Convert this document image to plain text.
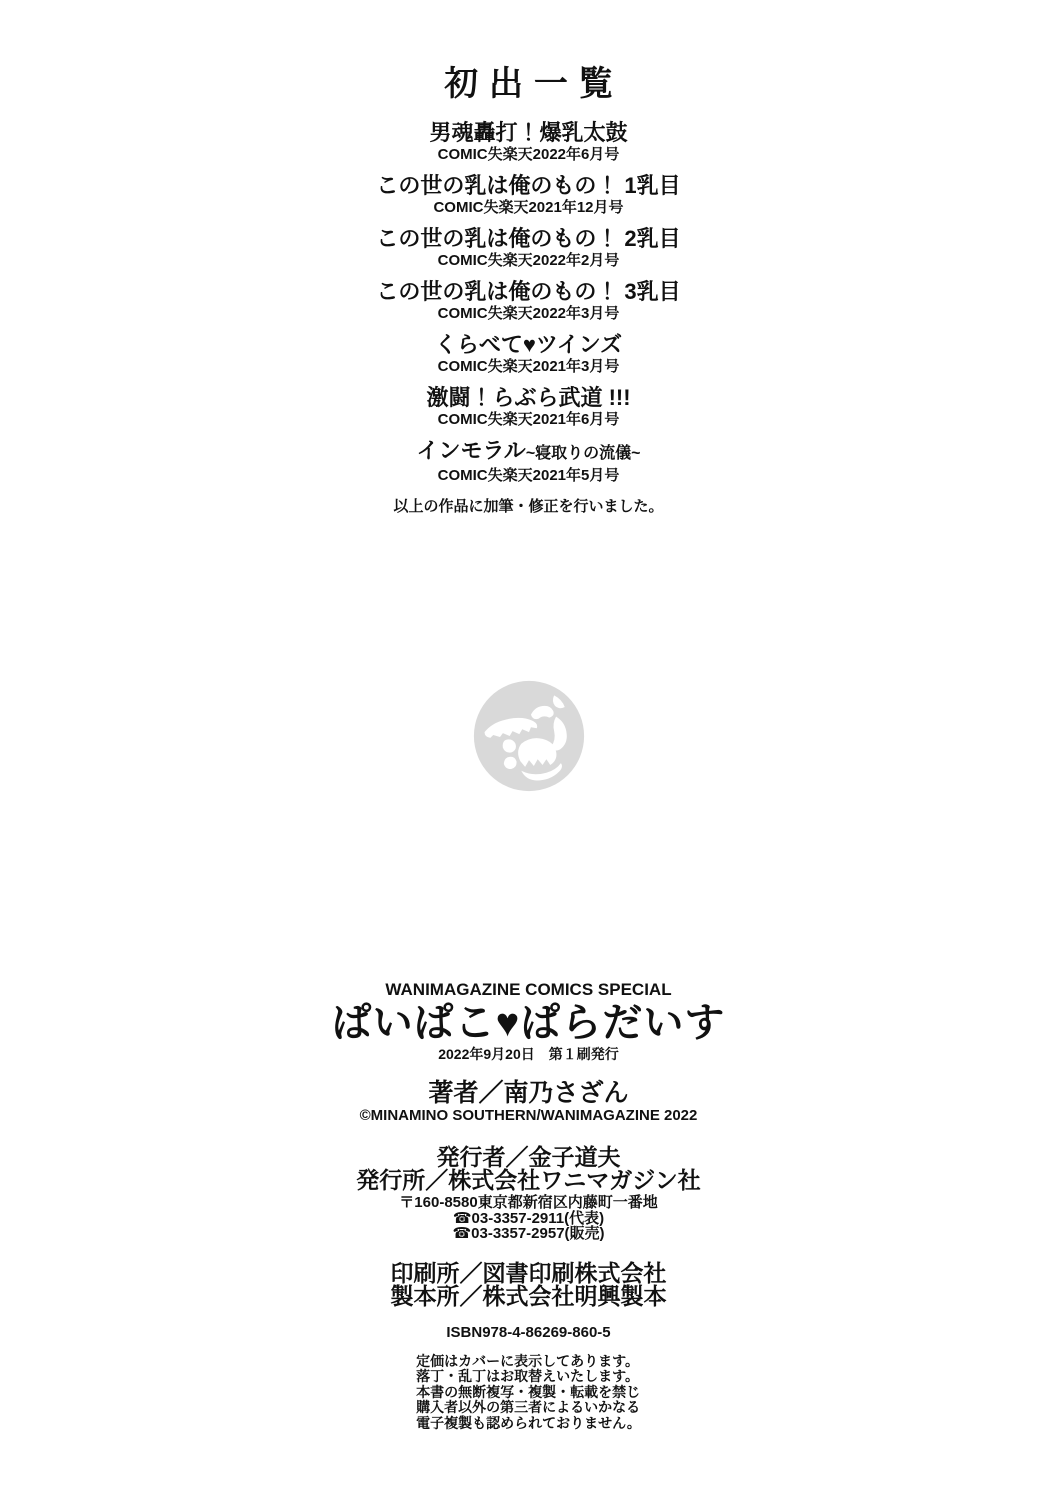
初出一覧
男魂轟打！爆乳太鼓
COMIC失楽天2022年6月号
この世の乳は俺のもの！ 1乳目
COMIC失楽天2021年12月号
この世の乳は俺のもの！ 2乳目
COMIC失楽天2022年2月号
この世の乳は俺のもの！ 3乳目
COMIC失楽天2022年3月号
くらべて♥ツインズ
COMIC失楽天2021年3月号
激闘！らぶら武道 !!!
COMIC失楽天2021年6月号
インモラル~寝取りの流儀~
COMIC失楽天2021年5月号
以上の作品に加筆・修正を行いました。
WANIMAGAZINE COMICS SPECIAL
ぱいぱこ♥ぱらだいす
2022年9月20日　第１刷発行
著者／南乃さざん
©MINAMINO SOUTHERN/WANIMAGAZINE 2022
発行者／金子道夫
発行所／株式会社ワニマガジン社
〒160-8580東京都新宿区内藤町一番地
☎03-3357-2911(代表)
☎03-3357-2957(販売)
印刷所／図書印刷株式会社
製本所／株式会社明興製本
ISBN978-4-86269-860-5
定価はカバーに表示してあります。
落丁・乱丁はお取替えいたします。
本書の無断複写・複製・転載を禁じ
購入者以外の第三者によるいかなる
電子複製も認められておりません。
